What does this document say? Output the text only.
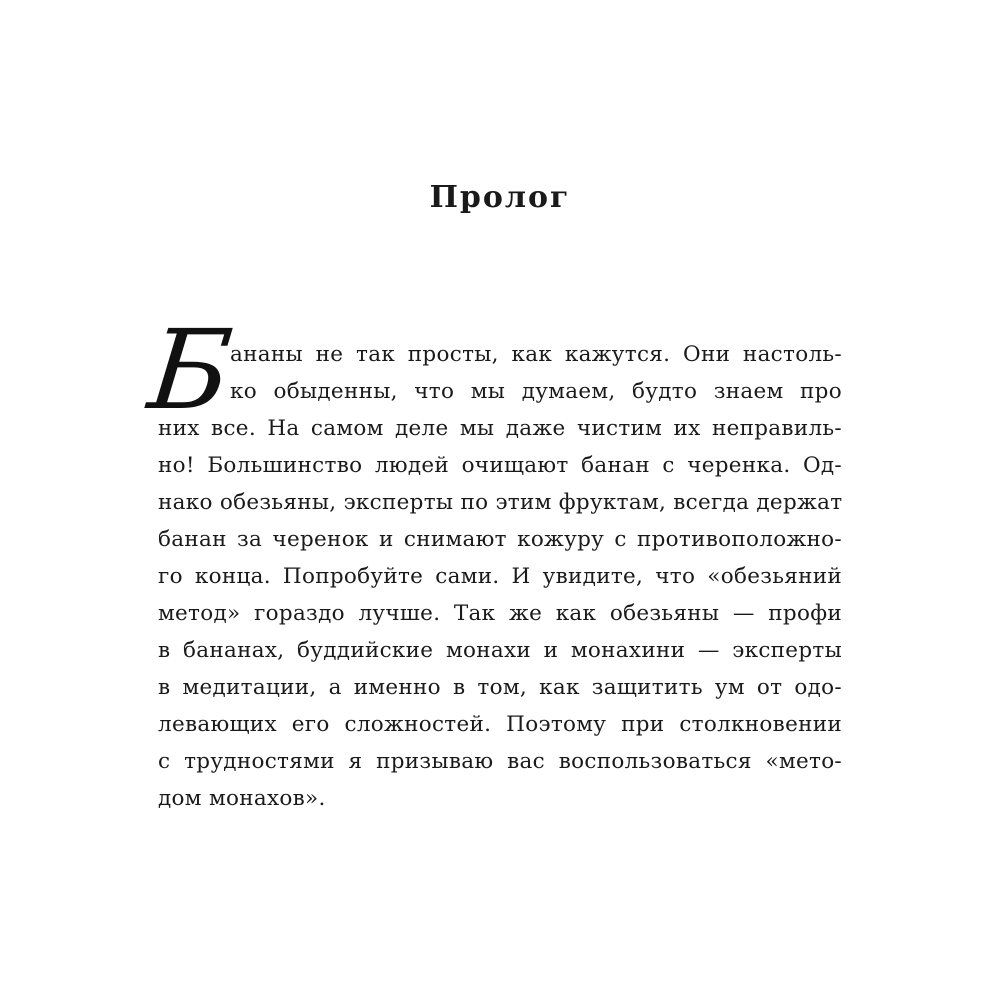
Пролог
Б
ананы не так просты, как кажутся. Они настоль-
ко обыденны, что мы думаем, будто знаем про
них все. На самом деле мы даже чистим их неправиль-
но! Большинство людей очищают банан с черенка. Од-
нако обезьяны, эксперты по этим фруктам, всегда держат
банан за черенок и снимают кожуру с противоположно-
го конца. Попробуйте сами. И увидите, что «обезьяний
метод» гораздо лучше. Так же как обезьяны — профи
в бананах, буддийские монахи и монахини — эксперты
в медитации, а именно в том, как защитить ум от одо-
левающих его сложностей. Поэтому при столкновении
с трудностями я призываю вас воспользоваться «мето-
дом монахов».
